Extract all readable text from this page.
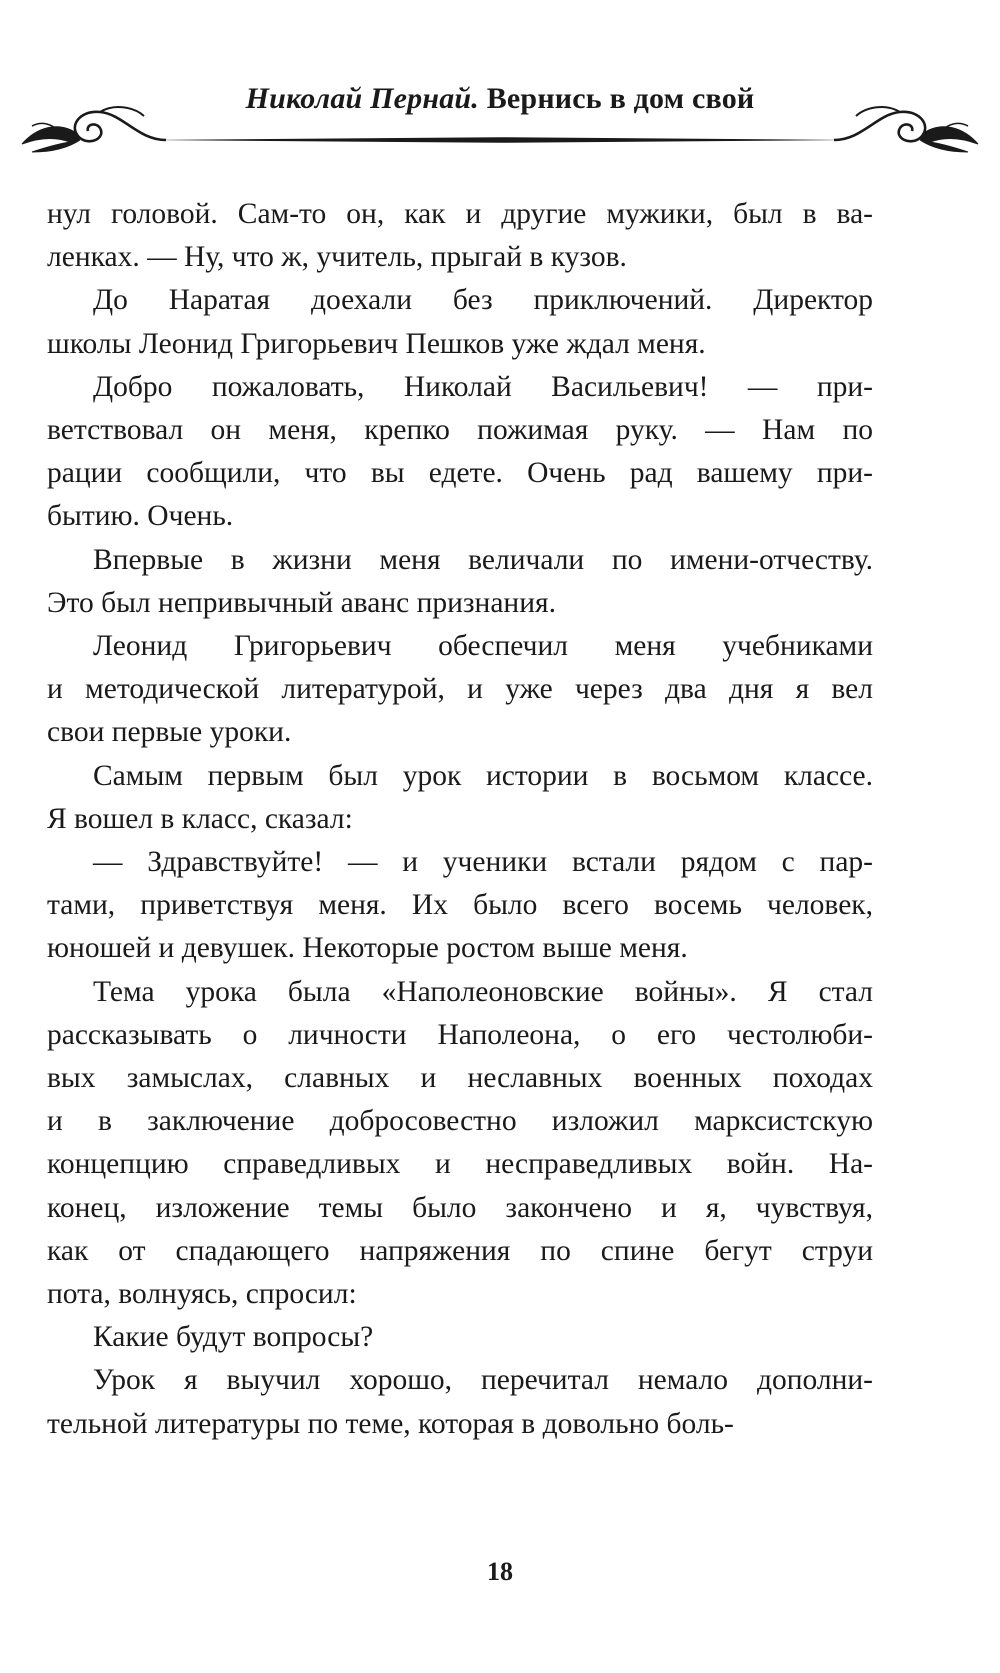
Николай Пернай. Вернись в дом свой
нул головой. Сам-то он, как и другие мужики, был в ва-
ленках. — Ну, что ж, учитель, прыгай в кузов.
До Наратая доехали без приключений. Директор
школы Леонид Григорьевич Пешков уже ждал меня.
Добро пожаловать, Николай Васильевич! — при-
ветствовал он меня, крепко пожимая руку. — Нам по
рации сообщили, что вы едете. Очень рад вашему при-
бытию. Очень.
Впервые в жизни меня величали по имени-отчеству.
Это был непривычный аванс признания.
Леонид Григорьевич обеспечил меня учебниками
и методической литературой, и уже через два дня я вел
свои первые уроки.
Самым первым был урок истории в восьмом классе.
Я вошел в класс, сказал:
— Здравствуйте! — и ученики встали рядом с пар-
тами, приветствуя меня. Их было всего восемь человек,
юношей и девушек. Некоторые ростом выше меня.
Тема урока была «Наполеоновские войны». Я стал
рассказывать о личности Наполеона, о его честолюби-
вых замыслах, славных и неславных военных походах
и в заключение добросовестно изложил марксистскую
концепцию справедливых и несправедливых войн. На-
конец, изложение темы было закончено и я, чувствуя,
как от спадающего напряжения по спине бегут струи
пота, волнуясь, спросил:
Какие будут вопросы?
Урок я выучил хорошо, перечитал немало дополни-
тельной литературы по теме, которая в довольно боль-
18
